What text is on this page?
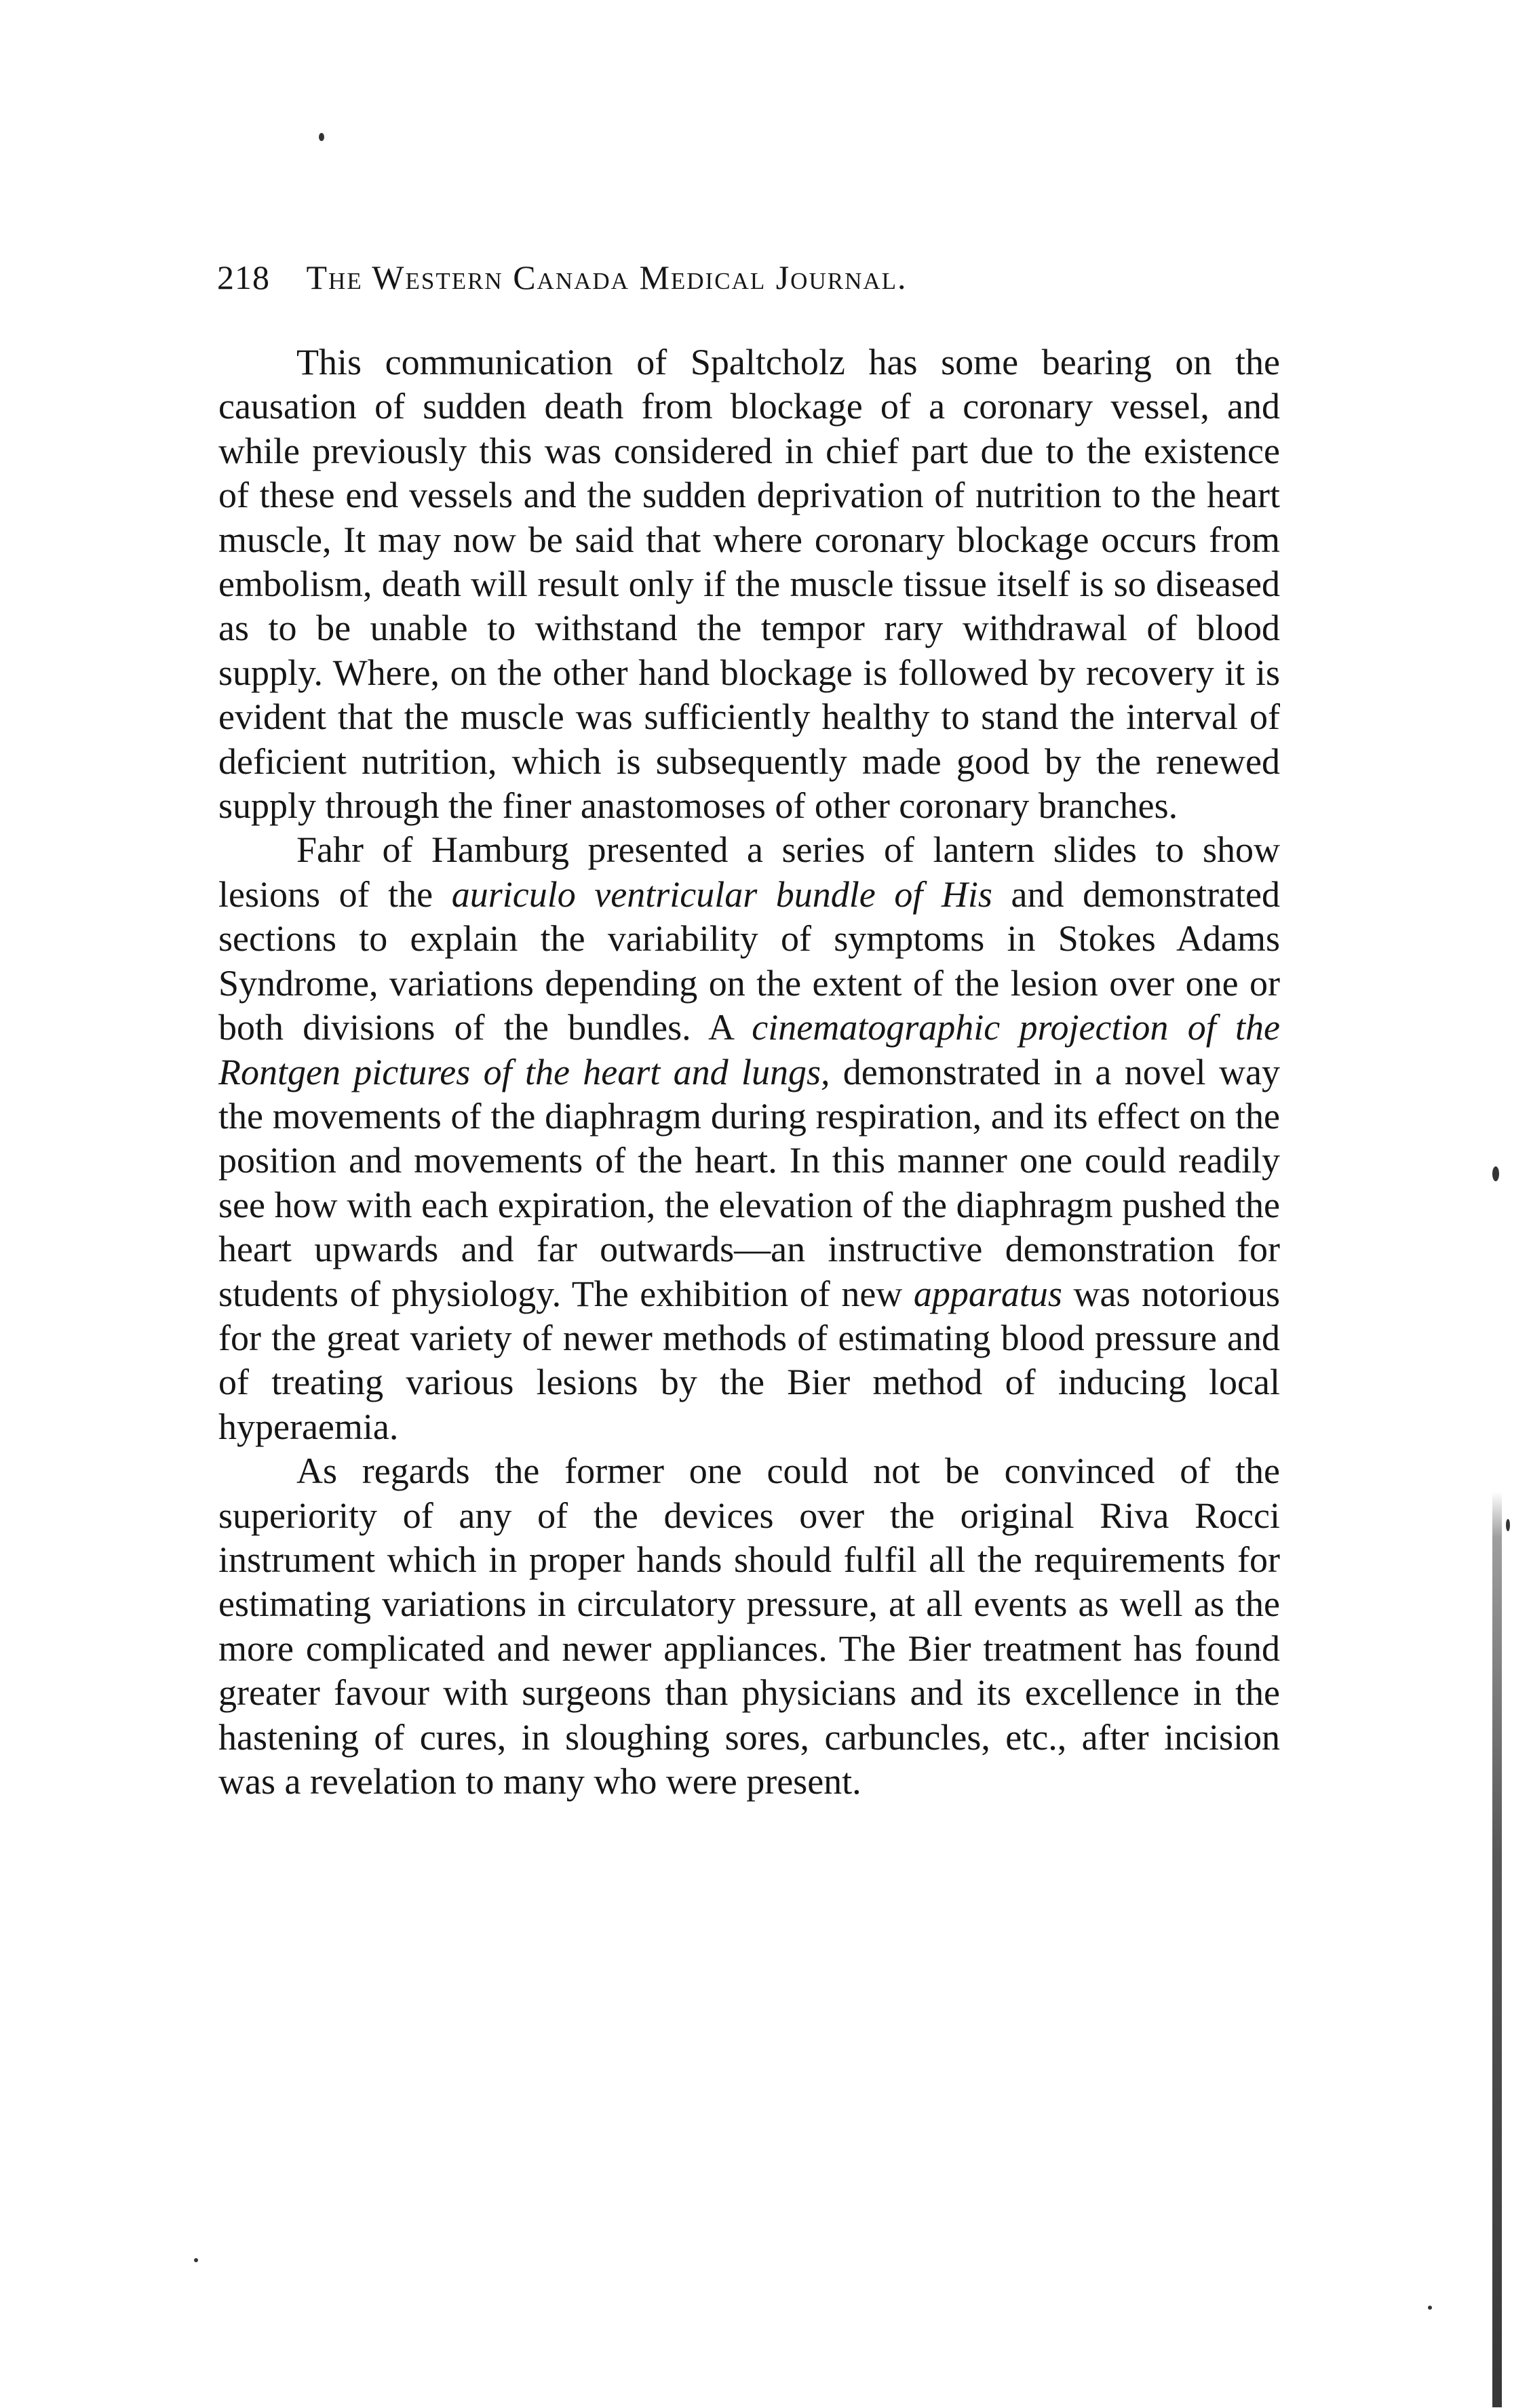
218 The Western Canada Medical Journal.

This communication of Spaltcholz has some bearing on the causation of sudden death from blockage of a coronary vessel, and while previously this was considered in chief part due to the existence of these end vessels and the sudden deprivation of nutrition to the heart muscle, It may now be said that where coronary blockage occurs from embolism, death will result only if the muscle tissue itself is so diseased as to be unable to withstand the tempor rary withdrawal of blood supply. Where, on the other hand blockage is followed by recovery it is evident that the muscle was sufficiently healthy to stand the interval of deficient nutrition, which is subsequently made good by the renewed supply through the finer anastomoses of other coronary branches.

Fahr of Hamburg presented a series of lantern slides to show lesions of the auriculo ventricular bundle of His and demonstrated sections to explain the variability of symptoms in Stokes Adams Syndrome, variations depending on the extent of the lesion over one or both divisions of the bundles. A cinematographic projection of the Rontgen pictures of the heart and lungs, demonstrated in a novel way the movements of the diaphragm during respiration, and its effect on the position and movements of the heart. In this manner one could readily see how with each expiration, the elevation of the diaphragm pushed the heart upwards and far outwards—an instructive demonstration for students of physiology. The exhibition of new apparatus was notorious for the great variety of newer methods of estimating blood pressure and of treating various lesions by the Bier method of inducing local hyperaemia.

As regards the former one could not be convinced of the superiority of any of the devices over the original Riva Rocci instrument which in proper hands should fulfil all the requirements for estimating variations in circulatory pressure, at all events as well as the more complicated and newer appliances. The Bier treatment has found greater favour with surgeons than physicians and its excellence in the hastening of cures, in sloughing sores, carbuncles, etc., after incision was a revelation to many who were present.
